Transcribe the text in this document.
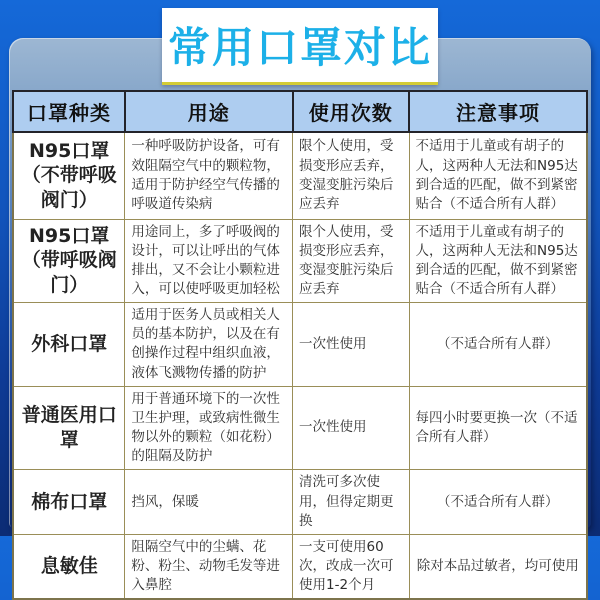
常用口罩对比
口罩种类	用途	使用次数	注意事项
N95口罩（不带呼吸阀门）	一种呼吸防护设备，可有效阻隔空气中的颗粒物，适用于防护经空气传播的呼吸道传染病	限个人使用，受损变形应丢弃，变湿变脏污染后应丢弃	不适用于儿童或有胡子的人，这两种人无法和N95达到合适的匹配，做不到紧密贴合（不适合所有人群）
N95口罩（带呼吸阀门）	用途同上，多了呼吸阀的设计，可以让呼出的气体排出，又不会让小颗粒进入，可以使呼吸更加轻松	限个人使用，受损变形应丢弃，变湿变脏污染后应丢弃	不适用于儿童或有胡子的人，这两种人无法和N95达到合适的匹配，做不到紧密贴合（不适合所有人群）
外科口罩	适用于医务人员或相关人员的基本防护，以及在有创操作过程中组织血液，液体飞溅物传播的防护	一次性使用	（不适合所有人群）
普通医用口罩	用于普通环境下的一次性卫生护理，或致病性微生物以外的颗粒（如花粉）的阻隔及防护	一次性使用	每四小时要更换一次（不适合所有人群）
棉布口罩	挡风，保暖	清洗可多次使用，但得定期更换	（不适合所有人群）
息敏佳	阻隔空气中的尘螨、花粉、粉尘、动物毛发等进入鼻腔	一支可使用60次，改成一次可使用1-2个月	除对本品过敏者，均可使用
